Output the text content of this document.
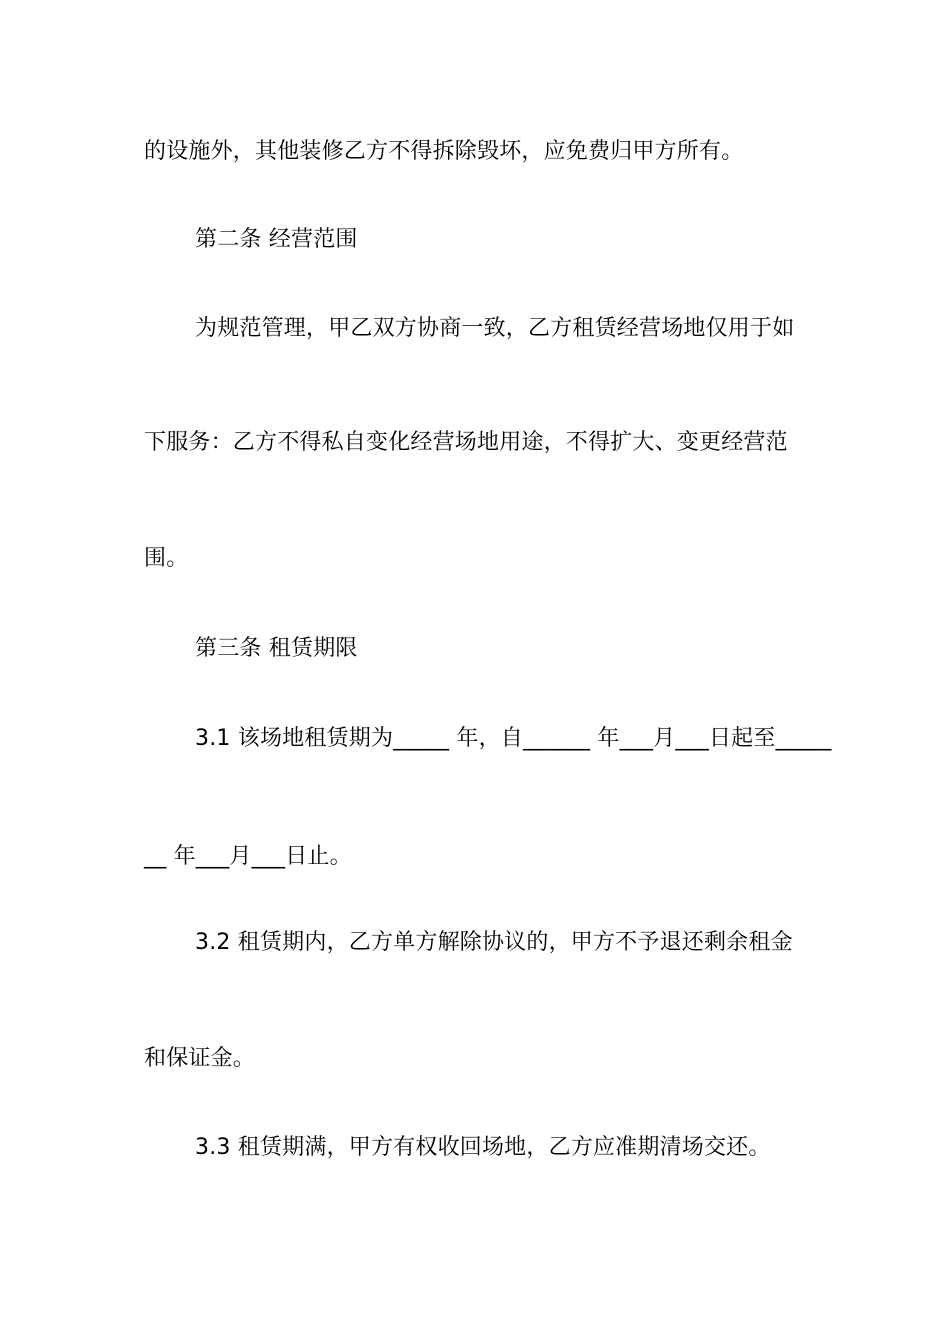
的设施外，其他装修乙方不得拆除毁坏，应免费归甲方所有。
第二条 经营范围
为规范管理，甲乙双方协商一致，乙方租赁经营场地仅用于如
下服务：乙方不得私自变化经营场地用途，不得扩大、变更经营范
围。
第三条 租赁期限
3.1 该场地租赁期为_____ 年，自______ 年___月___日起至_____
__ 年___月___日止。
3.2 租赁期内，乙方单方解除协议的，甲方不予退还剩余租金
和保证金。
3.3 租赁期满，甲方有权收回场地，乙方应准期清场交还。
